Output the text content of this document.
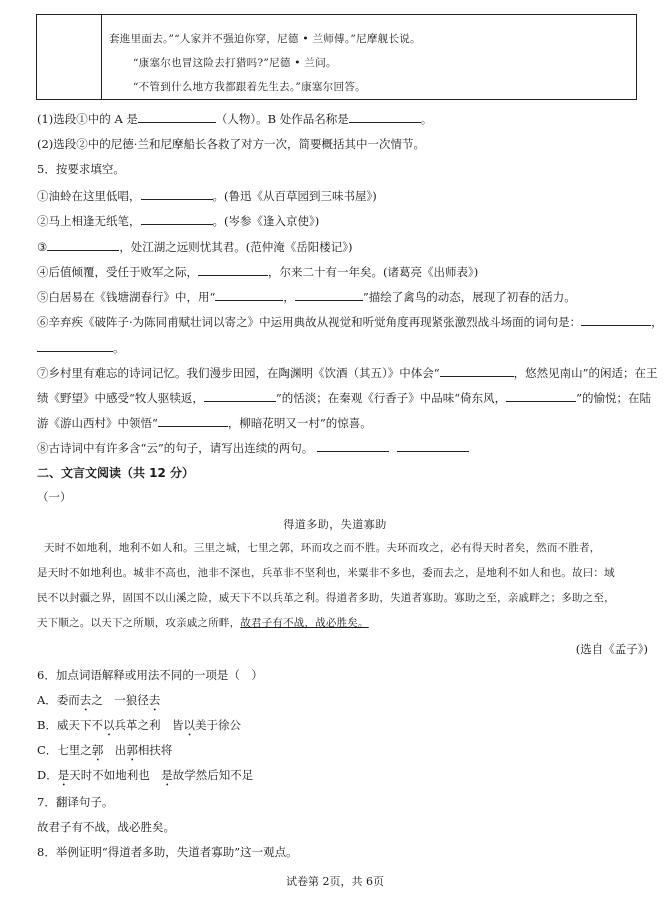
套進里面去。”“人家并不强迫你穿，尼德 • 兰师傅。”尼摩舰长说。
“康塞尔也冒这险去打猎吗?”尼德 • 兰问。
“不管到什么地方我都跟着先生去。”康塞尔回答。
(1)选段①中的 A 是	（人物）。B 处作品名称是	。
(2)选段②中的尼德·兰和尼摩船长各救了对方一次，简要概括其中一次情节。
5．按要求填空。
①油蛉在这里低唱，	。(鲁迅《从百草园到三味书屋》)
②马上相逢无纸笔，	。(岑参《逢入京使》)
③	，处江湖之远则忧其君。(范仲淹《岳阳楼记》)
④后值倾覆，受任于败军之际，	，尔来二十有一年矣。(诸葛亮《出师表》)
⑤白居易在《钱塘湖春行》中，用“	，	”描绘了禽鸟的动态，展现了初春的活力。
⑥辛弃疾《破阵子·为陈同甫赋壮词以寄之》中运用典故从视觉和听觉角度再现紧张激烈战斗场面的词句是：	，
。
⑦乡村里有难忘的诗词记忆。我们漫步田园，在陶渊明《饮酒（其五）》中体会“	，悠然见南山”的闲适；在王
绩《野望》中感受“牧人驱犊返，	”的恬淡；在秦观《行香子》中品味“倚东风，	”的愉悦；在陆
游《游山西村》中领悟“	，柳暗花明又一村”的惊喜。
⑧古诗词中有许多含“云”的句子，请写出连续的两句。
二、文言文阅读（共 12 分）
（一）
得道多助，失道寡助
天时不如地利，地利不如人和。三里之城，七里之郭，环而攻之而不胜。夫环而攻之，必有得天时者矣，然而不胜者，
是天时不如地利也。城非不高也，池非不深也，兵革非不坚利也，米粟非不多也，委而去之，是地利不如人和也。故曰：域
民不以封疆之界，固国不以山溪之险，威天下不以兵革之利。得道者多助，失道者寡助。寡助之至，亲戚畔之；多助之至，
天下顺之。以天下之所顺，攻亲戚之所畔，故君子有不战，战必胜矣。
(选自《孟子》)
6．加点词语解释或用法不同的一项是（　）
A．委而去之　一狼径去
B．威天下不以兵革之利　皆以美于徐公
C．七里之郭　出郭相扶将
D．是天时不如地利也　是故学然后知不足
7．翻译句子。
故君子有不战，战必胜矣。
8．举例证明“得道者多助，失道者寡助”这一观点。
试卷第 2页，共 6页
